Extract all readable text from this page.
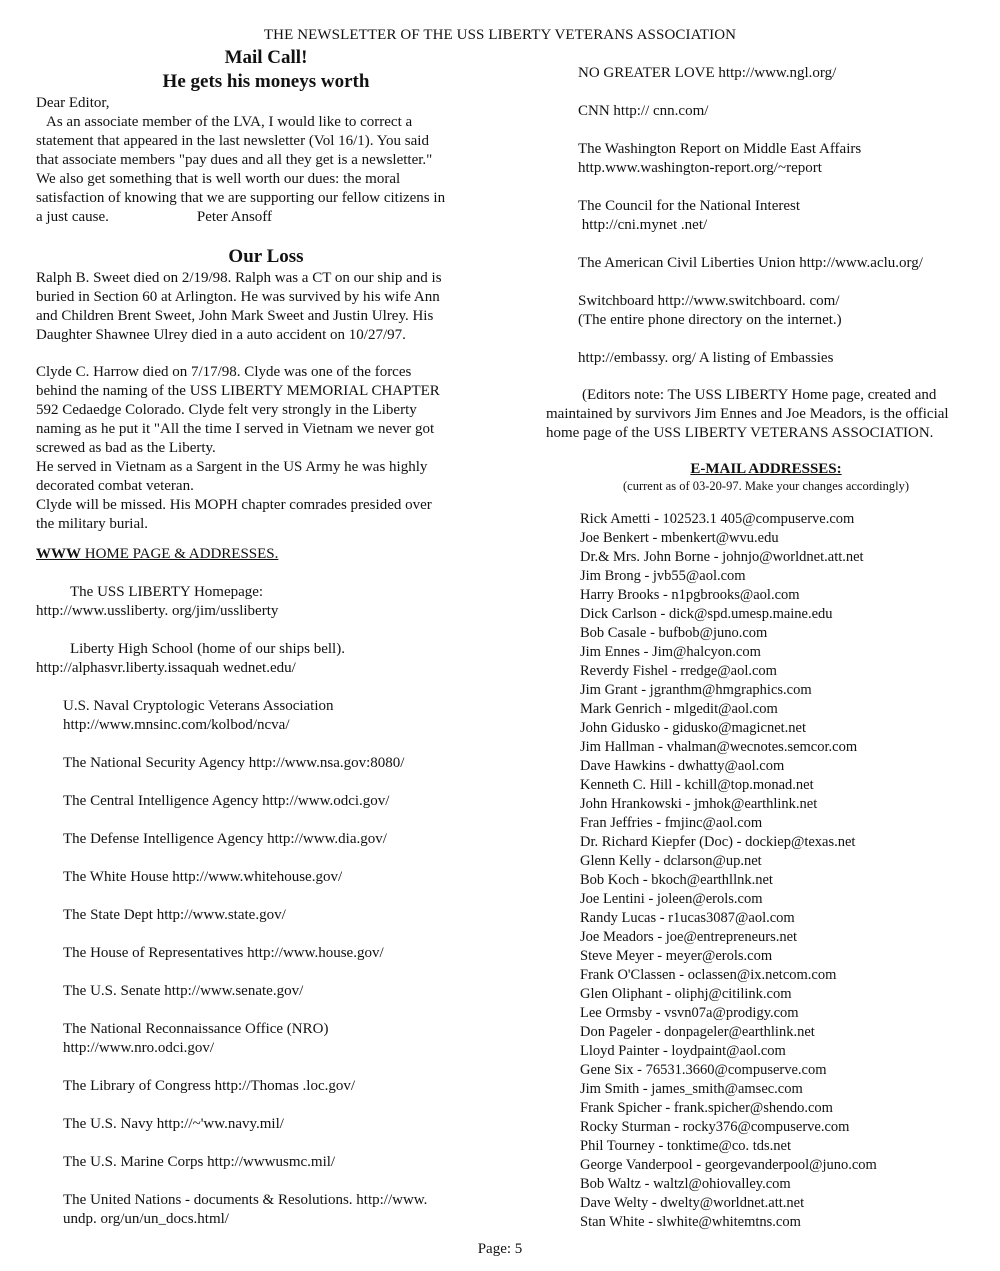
THE NEWSLETTER OF THE USS LIBERTY VETERANS ASSOCIATION
Mail Call!
He gets his moneys worth

Dear Editor,

As an associate member of the LVA, I would like to correct a

statement that appeared in the last newsletter (Vol 16/1). You said

that associate members "pay dues and all they get is a newsletter."

We also get something that is well worth our dues: the moral

satisfaction of knowing that we are supporting our fellow citizens in

a just cause.	Peter Ansoff

Our Loss

Ralph B. Sweet died on 2/19/98. Ralph was a CT on our ship and is

buried in Section 60 at Arlington. He was survived by his wife Ann

and Children Brent Sweet, John Mark Sweet and Justin Ulrey. His

Daughter Shawnee Ulrey died in a auto accident on 10/27/97.

Clyde C. Harrow died on 7/17/98. Clyde was one of the forces

behind the naming of the USS LIBERTY MEMORIAL CHAPTER

592 Cedaedge Colorado. Clyde felt very strongly in the Liberty

naming as he put it "All the time I served in Vietnam we never got

screwed as bad as the Liberty.

He served in Vietnam as a Sargent in the US Army he was highly

decorated combat veteran.

Clyde will be missed. His MOPH chapter comrades presided over

the military burial.

WWW HOME PAGE & ADDRESSES.
The USS LIBERTY Homepage:
http://www.ussliberty. org/jim/ussliberty
Liberty High School (home of our ships bell).
http://alphasvr.liberty.issaquah wednet.edu/
U.S. Naval Cryptologic Veterans Association
http://www.mnsinc.com/kolbod/ncva/
The National Security Agency http://www.nsa.gov:8080/
The Central Intelligence Agency http://www.odci.gov/
The Defense Intelligence Agency http://www.dia.gov/
The White House http://www.whitehouse.gov/
The State Dept http://www.state.gov/
The House of Representatives http://www.house.gov/
The U.S. Senate http://www.senate.gov/
The National Reconnaissance Office (NRO)
http://www.nro.odci.gov/
The Library of Congress http://Thomas .loc.gov/
The U.S. Navy http://~'ww.navy.mil/
The U.S. Marine Corps http://wwwusmc.mil/
The United Nations - documents & Resolutions. http://www.
undp. org/un/un_docs.html/
NO GREATER LOVE http://www.ngl.org/
CNN http:// cnn.com/
The Washington Report on Middle East Affairs
http.www.washington-report.org/~report
The Council for the National Interest
http://cni.mynet .net/
The American Civil Liberties Union http://www.aclu.org/
Switchboard http://www.switchboard. com/
(The entire phone directory on the internet.)
http://embassy. org/ A listing of Embassies

(Editors note: The USS LIBERTY Home page, created and

maintained by survivors Jim Ennes and Joe Meadors, is the official

home page of the USS LIBERTY VETERANS ASSOCIATION.

E-MAIL ADDRESSES:
(current as of 03-20-97. Make your changes accordingly)
Rick Ametti - 102523.1 405@compuserve.com
Joe Benkert - mbenkert@wvu.edu
Dr.& Mrs. John Borne - johnjo@worldnet.att.net
Jim Brong - jvb55@aol.com
Harry Brooks - n1pgbrooks@aol.com
Dick Carlson - dick@spd.umesp.maine.edu
Bob Casale - bufbob@juno.com
Jim Ennes - Jim@halcyon.com
Reverdy Fishel - rredge@aol.com
Jim Grant - jgranthm@hmgraphics.com
Mark Genrich - mlgedit@aol.com
John Gidusko - gidusko@magicnet.net
Jim Hallman - vhalman@wecnotes.semcor.com
Dave Hawkins - dwhatty@aol.com
Kenneth C. Hill - kchill@top.monad.net
John Hrankowski - jmhok@earthlink.net
Fran Jeffries - fmjinc@aol.com
Dr. Richard Kiepfer (Doc) - dockiep@texas.net
Glenn Kelly - dclarson@up.net
Bob Koch - bkoch@earthllnk.net
Joe Lentini - joleen@erols.com
Randy Lucas - r1ucas3087@aol.com
Joe Meadors - joe@entrepreneurs.net
Steve Meyer - meyer@erols.com
Frank O'Classen - oclassen@ix.netcom.com
Glen Oliphant - oliphj@citilink.com
Lee Ormsby - vsvn07a@prodigy.com
Don Pageler - donpageler@earthlink.net
Lloyd Painter - loydpaint@aol.com
Gene Six - 76531.3660@compuserve.com
Jim Smith - james_smith@amsec.com
Frank Spicher - frank.spicher@shendo.com
Rocky Sturman - rocky376@compuserve.com
Phil Tourney - tonktime@co. tds.net
George Vanderpool - georgevanderpool@juno.com
Bob Waltz - waltzl@ohiovalley.com
Dave Welty - dwelty@worldnet.att.net
Stan White - slwhite@whitemtns.com
Page: 5
